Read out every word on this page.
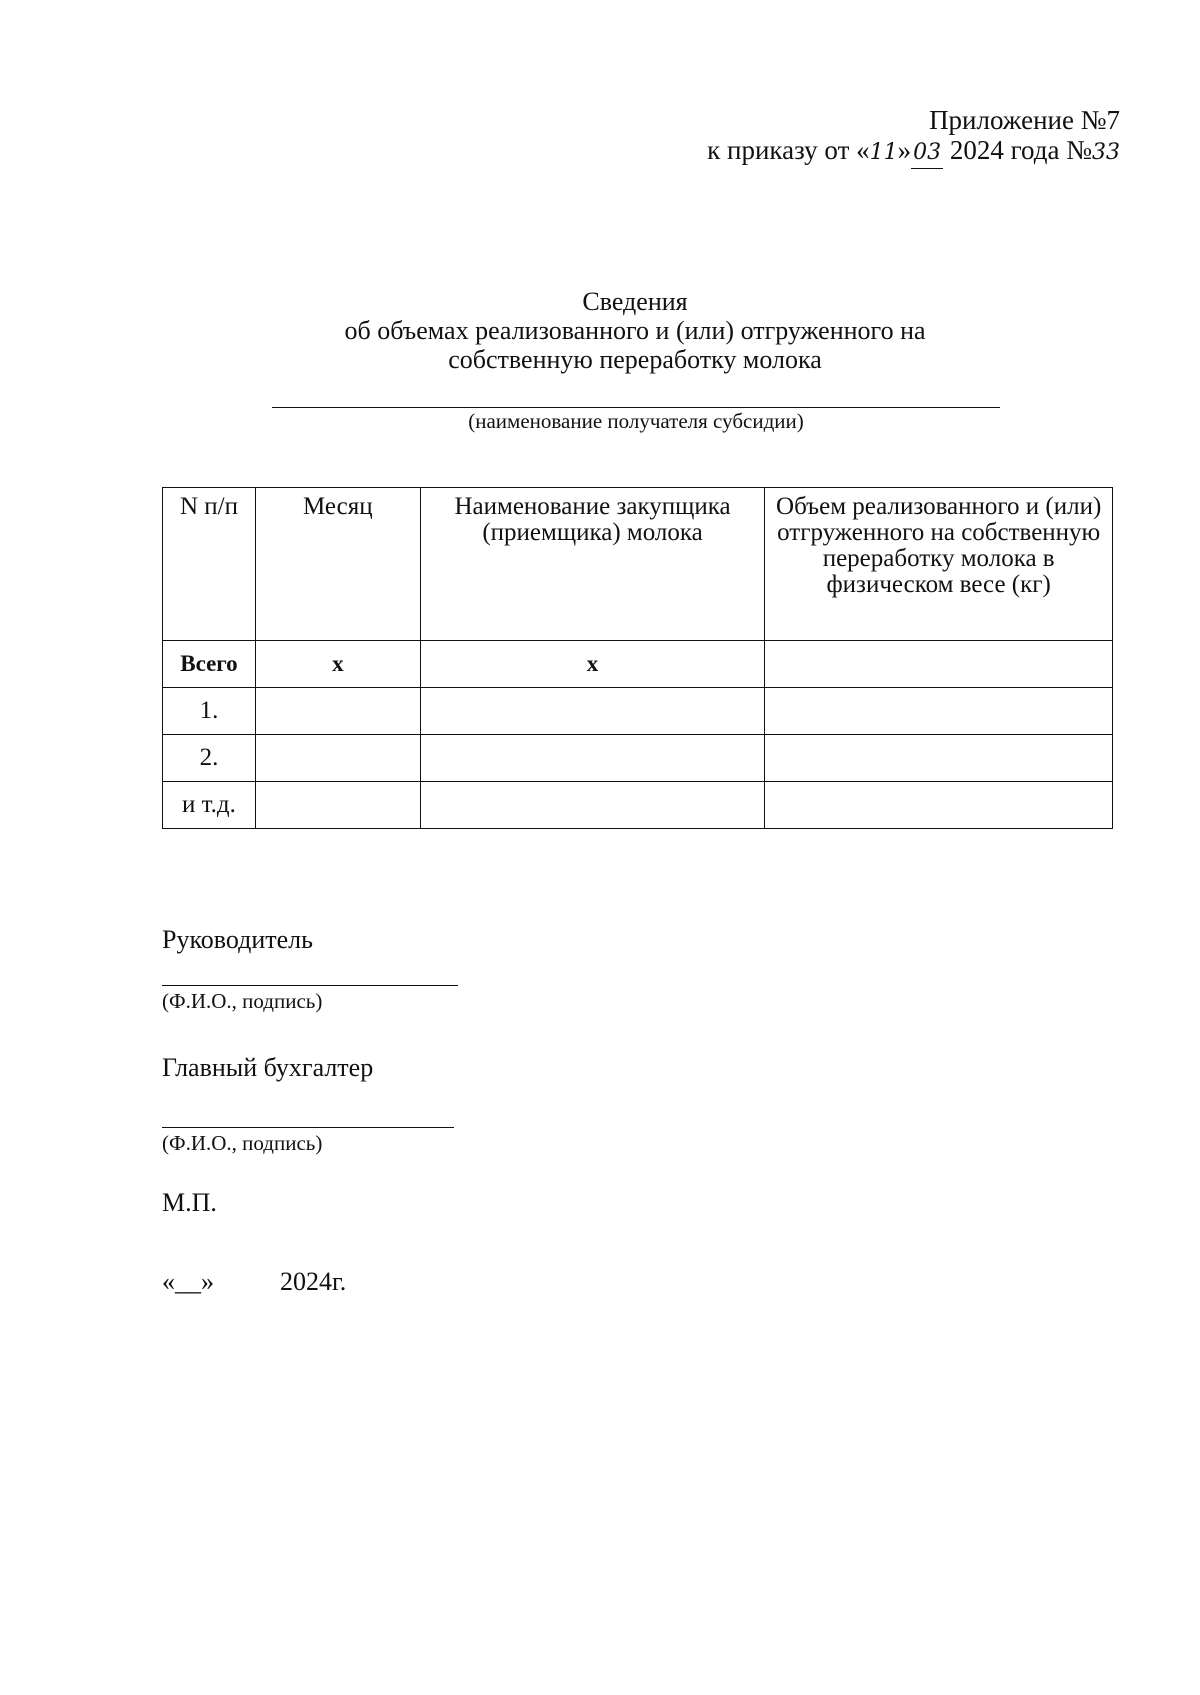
Приложение №7
к приказу от «11»03 2024 года №33
Сведения
об объемах реализованного и (или) отгруженного на
собственную переработку молока
(наименование получателя субсидии)
N п/п	Месяц	Наименование закупщика (приемщика) молока	Объем реализованного и (или) отгруженного на собственную переработку молока в физическом весе (кг)
Всего	x	x	
1.			
2.			
и т.д.			
Руководитель
(Ф.И.О., подпись)
Главный бухгалтер
(Ф.И.О., подпись)
М.П.
«__»	2024г.
